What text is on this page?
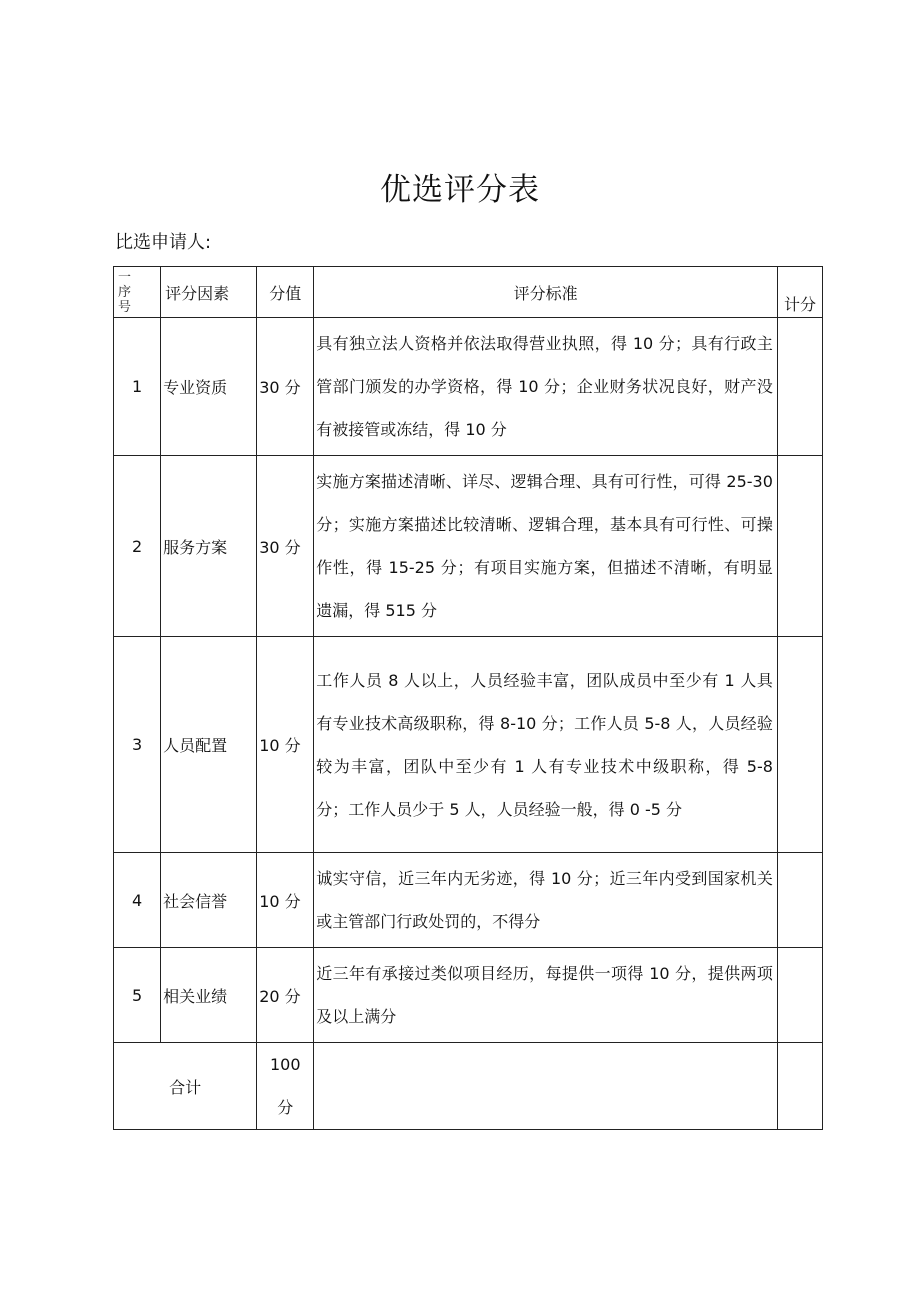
优选评分表
比选申请人:
一
序
号	评分因素	分值	评分标准	计分
1	专业资质	30 分	具有独立法人资格并依法取得营业执照，得 10 分；具有行政主管部门颁发的办学资格，得 10 分；企业财务状况良好，财产没有被接管或冻结，得 10 分	
2	服务方案	30 分	实施方案描述清晰、详尽、逻辑合理、具有可行性，可得 25-30 分；实施方案描述比较清晰、逻辑合理，基本具有可行性、可操作性，得 15-25 分；有项目实施方案，但描述不清晰，有明显遗漏，得 515 分	
3	人员配置	10 分	工作人员 8 人以上，人员经验丰富，团队成员中至少有 1 人具有专业技术高级职称，得 8-10 分；工作人员 5-8 人，人员经验较为丰富，团队中至少有 1 人有专业技术中级职称，得 5-8 分；工作人员少于 5 人，人员经验一般，得 0 -5 分	
4	社会信誉	10 分	诚实守信，近三年内无劣迹，得 10 分；近三年内受到国家机关或主管部门行政处罚的，不得分	
5	相关业绩	20 分	近三年有承接过类似项目经历，每提供一项得 10 分，提供两项及以上满分	
合计		100
分		
